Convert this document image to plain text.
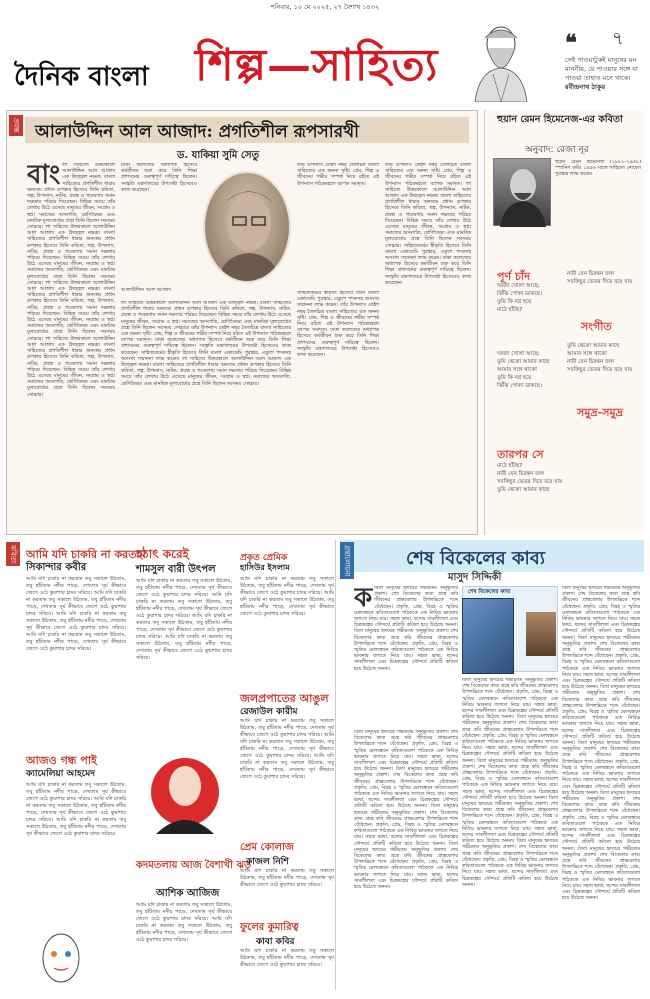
শনিবার, ১০ মে ২০২৫, ২৭ বৈশাখ ১৪৩২
দৈনিক বাংলা শিল্প—সাহিত্য	❝ ৭
সেই পাওয়াটুকই মানুষের মন মাননীয়, যে পাওয়ার সঙ্গে যা পাওয়া তাহাও মনে থাকে।
রবীন্দ্রনাথ ঠাকুর
প্রবন্ধ আলাউদ্দিন আল আজাদ: প্রগতিশীল রূপসারথী
ড. যাকিয়া সুমি সেতু
বাং লা সাহিত্যে উত্তরকালে আলাউদ্দিন আল আজাদ এক উজ্জ্বল নক্ষত্র। বাংলা সাহিত্যের প্রগতিশীল ধারার অন্যতম প্রধান রূপকার হিসেবে তিনি কবিতা, গল্প, উপন্যাস, নাটক, প্রবন্ধ ও গবেষণায় সমান দক্ষতার পরিচয় দিয়েছেন। বিভিন্ন সময়ে তাঁর লেখায় উঠে এসেছে মানুষের জীবন, সংগ্রাম ও স্বপ্ন। সমাজের অসংগতি, শ্রেণিবৈষম্য এবং মানবিক মূল্যবোধের প্রশ্নে তিনি ছিলেন সবসময় সোচ্চার। লা সাহিত্যে উত্তরকালে আলাউদ্দিন আল আজাদ এক উজ্জ্বল নক্ষত্র। বাংলা সাহিত্যের প্রগতিশীল ধারার অন্যতম প্রধান রূপকার হিসেবে তিনি কবিতা, গল্প, উপন্যাস, নাটক, প্রবন্ধ ও গবেষণায় সমান দক্ষতার পরিচয় দিয়েছেন। বিভিন্ন সময়ে তাঁর লেখায় উঠে এসেছে মানুষের জীবন, সংগ্রাম ও স্বপ্ন। সমাজের অসংগতি, শ্রেণিবৈষম্য এবং মানবিক মূল্যবোধের প্রশ্নে তিনি ছিলেন সবসময় সোচ্চার। লা সাহিত্যে উত্তরকালে আলাউদ্দিন আল আজাদ এক উজ্জ্বল নক্ষত্র। বাংলা সাহিত্যের প্রগতিশীল ধারার অন্যতম প্রধান রূপকার হিসেবে তিনি কবিতা, গল্প, উপন্যাস, নাটক, প্রবন্ধ ও গবেষণায় সমান দক্ষতার পরিচয় দিয়েছেন। বিভিন্ন সময়ে তাঁর লেখায় উঠে এসেছে মানুষের জীবন, সংগ্রাম ও স্বপ্ন। সমাজের অসংগতি, শ্রেণিবৈষম্য এবং মানবিক মূল্যবোধের প্রশ্নে তিনি ছিলেন সবসময় সোচ্চার। লা সাহিত্যে উত্তরকালে আলাউদ্দিন আল আজাদ এক উজ্জ্বল নক্ষত্র। বাংলা সাহিত্যের প্রগতিশীল ধারার অন্যতম প্রধান রূপকার হিসেবে তিনি কবিতা, গল্প, উপন্যাস, নাটক, প্রবন্ধ ও গবেষণায় সমান দক্ষতার পরিচয় দিয়েছেন। বিভিন্ন সময়ে তাঁর লেখায় উঠে এসেছে মানুষের জীবন, সংগ্রাম ও স্বপ্ন। সমাজের অসংগতি, শ্রেণিবৈষম্য এবং মানবিক মূল্যবোধের প্রশ্নে তিনি ছিলেন সবসময় সোচ্চার।
ঢাকা কলেজের অধ্যাপক হিসেবে কর্মজীবন শুরু করে তিনি শিক্ষা প্রশাসনের গুরুত্বপূর্ণ দায়িত্বে ছিলেন। সংস্কৃতি মন্ত্রণালয়ের উপদেষ্টা হিসেবেও কাজ করেছেন।
তাঁর উপন্যাস তেইশ নম্বর তৈলচিত্র বাংলা সাহিত্যের এক অনন্য সৃষ্টি। প্রেম, শিল্প ও জীবনের গভীর সম্পর্ক নিয়ে রচিত এই উপন্যাস পাঠকমহলে ব্যাপক সমাদৃত।
আলাউদ্দিন আল আজাদ
লা সাহিত্যে উত্তরকালে আলাউদ্দিন আল আজাদ এক উজ্জ্বল নক্ষত্র। বাংলা সাহিত্যের প্রগতিশীল ধারার অন্যতম প্রধান রূপকার হিসেবে তিনি কবিতা, গল্প, উপন্যাস, নাটক, প্রবন্ধ ও গবেষণায় সমান দক্ষতার পরিচয় দিয়েছেন। বিভিন্ন সময়ে তাঁর লেখায় উঠে এসেছে মানুষের জীবন, সংগ্রাম ও স্বপ্ন। সমাজের অসংগতি, শ্রেণিবৈষম্য এবং মানবিক মূল্যবোধের প্রশ্নে তিনি ছিলেন সবসময় সোচ্চার। তাঁর উপন্যাস তেইশ নম্বর তৈলচিত্র বাংলা সাহিত্যের এক অনন্য সৃষ্টি। প্রেম, শিল্প ও জীবনের গভীর সম্পর্ক নিয়ে রচিত এই উপন্যাস পাঠকমহলে ব্যাপক সমাদৃত। ঢাকা কলেজের অধ্যাপক হিসেবে কর্মজীবন শুরু করে তিনি শিক্ষা প্রশাসনের গুরুত্বপূর্ণ দায়িত্বে ছিলেন। সংস্কৃতি মন্ত্রণালয়ের উপদেষ্টা হিসেবেও কাজ করেছেন। সাহিত্যকর্মের স্বীকৃতি হিসেবে তিনি বাংলা একাডেমি পুরস্কার, একুশে পদকসহ অসংখ্য সম্মাননা লাভ করেন। লা সাহিত্যে উত্তরকালে আলাউদ্দিন আল আজাদ এক উজ্জ্বল নক্ষত্র। বাংলা সাহিত্যের প্রগতিশীল ধারার অন্যতম প্রধান রূপকার হিসেবে তিনি কবিতা, গল্প, উপন্যাস, নাটক, প্রবন্ধ ও গবেষণায় সমান দক্ষতার পরিচয় দিয়েছেন। বিভিন্ন সময়ে তাঁর লেখায় উঠে এসেছে মানুষের জীবন, সংগ্রাম ও স্বপ্ন। সমাজের অসংগতি, শ্রেণিবৈষম্য এবং মানবিক মূল্যবোধের প্রশ্নে তিনি ছিলেন সবসময় সোচ্চার।
সাহিত্যকর্মের স্বীকৃতি হিসেবে তিনি বাংলা একাডেমি পুরস্কার, একুশে পদকসহ অসংখ্য সম্মাননা লাভ করেন। তাঁর উপন্যাস তেইশ নম্বর তৈলচিত্র বাংলা সাহিত্যের এক অনন্য সৃষ্টি। প্রেম, শিল্প ও জীবনের গভীর সম্পর্ক নিয়ে রচিত এই উপন্যাস পাঠকমহলে ব্যাপক সমাদৃত। ঢাকা কলেজের অধ্যাপক হিসেবে কর্মজীবন শুরু করে তিনি শিক্ষা প্রশাসনের গুরুত্বপূর্ণ দায়িত্বে ছিলেন। সংস্কৃতি মন্ত্রণালয়ের উপদেষ্টা হিসেবেও কাজ করেছেন।
তাঁর উপন্যাস তেইশ নম্বর তৈলচিত্র বাংলা সাহিত্যের এক অনন্য সৃষ্টি। প্রেম, শিল্প ও জীবনের গভীর সম্পর্ক নিয়ে রচিত এই উপন্যাস পাঠকমহলে ব্যাপক সমাদৃত। লা সাহিত্যে উত্তরকালে আলাউদ্দিন আল আজাদ এক উজ্জ্বল নক্ষত্র। বাংলা সাহিত্যের প্রগতিশীল ধারার অন্যতম প্রধান রূপকার হিসেবে তিনি কবিতা, গল্প, উপন্যাস, নাটক, প্রবন্ধ ও গবেষণায় সমান দক্ষতার পরিচয় দিয়েছেন। বিভিন্ন সময়ে তাঁর লেখায় উঠে এসেছে মানুষের জীবন, সংগ্রাম ও স্বপ্ন। সমাজের অসংগতি, শ্রেণিবৈষম্য এবং মানবিক মূল্যবোধের প্রশ্নে তিনি ছিলেন সবসময় সোচ্চার। সাহিত্যকর্মের স্বীকৃতি হিসেবে তিনি বাংলা একাডেমি পুরস্কার, একুশে পদকসহ অসংখ্য সম্মাননা লাভ করেন। ঢাকা কলেজের অধ্যাপক হিসেবে কর্মজীবন শুরু করে তিনি শিক্ষা প্রশাসনের গুরুত্বপূর্ণ দায়িত্বে ছিলেন। সংস্কৃতি মন্ত্রণালয়ের উপদেষ্টা হিসেবেও কাজ করেছেন।
হুয়ান রেমন হিমেনেজ-এর কবিতা
অনুবাদ: রেজা নূর
হুয়ান রেমন হিমেনেজ (১৮৮১–১৯৫৮) স্প্যানিশ কবি। ১৯৫৬ সালে সাহিত্যে নোবেল পুরস্কার লাভ করেন।
পূর্ণ চাঁদ
দরজা খোলা আছে;
ঝিঁঝি পোকা ডাকছে।
তুমি কি নগ্ন হয়ে
মাঠে হাঁটছ?
সংগীত
নারী যেন চিরন্তন জল
সবকিছুর ভেতর দিয়ে বয়ে যায়
সমুদ্র-সমুদ্র
তুমি থেকো আমার কাছে
আমার সঙ্গে থাকো
নারী যেন চিরন্তন জল
সবকিছুর ভেতর দিয়ে বয়ে যায়
তারপর সে
দরজা খোলা আছে;
তুমি থেকো আমার কাছে
আমার সঙ্গে থাকো
তুমি কি নগ্ন হয়ে
ঝিঁঝি পোকা ডাকছে।
মাঠে হাঁটছ?
নারী যেন চিরন্তন জল
সবকিছুর ভেতর দিয়ে বয়ে যায়
তুমি থেকো আমার কাছে
কবিতা আমি যদি চাকরি না করতাম
সিকান্দার কবীর
আমি যদি চাকরি না করতাম তবু সকালে উঠতাম, তবু হাঁটতাম নদীর পাড়ে, দেখতাম সূর্য কীভাবে জেগে ওঠে কুয়াশার চাদর সরিয়ে। আমি যদি চাকরি না করতাম তবু সকালে উঠতাম, তবু হাঁটতাম নদীর পাড়ে, দেখতাম সূর্য কীভাবে জেগে ওঠে কুয়াশার চাদর সরিয়ে। আমি যদি চাকরি না করতাম তবু সকালে উঠতাম, তবু হাঁটতাম নদীর পাড়ে, দেখতাম সূর্য কীভাবে জেগে ওঠে কুয়াশার চাদর সরিয়ে। আমি যদি চাকরি না করতাম তবু সকালে উঠতাম, তবু হাঁটতাম নদীর পাড়ে, দেখতাম সূর্য কীভাবে জেগে ওঠে কুয়াশার চাদর সরিয়ে।
হঠাৎ করেই
শামসুল বারী উৎপল
আমি যদি চাকরি না করতাম তবু সকালে উঠতাম, তবু হাঁটতাম নদীর পাড়ে, দেখতাম সূর্য কীভাবে জেগে ওঠে কুয়াশার চাদর সরিয়ে। আমি যদি চাকরি না করতাম তবু সকালে উঠতাম, তবু হাঁটতাম নদীর পাড়ে, দেখতাম সূর্য কীভাবে জেগে ওঠে কুয়াশার চাদর সরিয়ে। আমি যদি চাকরি না করতাম তবু সকালে উঠতাম, তবু হাঁটতাম নদীর পাড়ে, দেখতাম সূর্য কীভাবে জেগে ওঠে কুয়াশার চাদর সরিয়ে। আমি যদি চাকরি না করতাম তবু সকালে উঠতাম, তবু হাঁটতাম নদীর পাড়ে, দেখতাম সূর্য কীভাবে জেগে ওঠে কুয়াশার চাদর সরিয়ে।
প্রকৃত প্রেমিক
হাসিউর ইসলাম
আমি যদি চাকরি না করতাম তবু সকালে উঠতাম, তবু হাঁটতাম নদীর পাড়ে, দেখতাম সূর্য কীভাবে জেগে ওঠে কুয়াশার চাদর সরিয়ে। আমি যদি চাকরি না করতাম তবু সকালে উঠতাম, তবু হাঁটতাম নদীর পাড়ে, দেখতাম সূর্য কীভাবে জেগে ওঠে কুয়াশার চাদর সরিয়ে।
জলপ্রপাতের আঙুল
রেজাউল কারীম
আমি যদি চাকরি না করতাম তবু সকালে উঠতাম, তবু হাঁটতাম নদীর পাড়ে, দেখতাম সূর্য কীভাবে জেগে ওঠে কুয়াশার চাদর সরিয়ে। আমি যদি চাকরি না করতাম তবু সকালে উঠতাম, তবু হাঁটতাম নদীর পাড়ে, দেখতাম সূর্য কীভাবে জেগে ওঠে কুয়াশার চাদর সরিয়ে। আমি যদি চাকরি না করতাম তবু সকালে উঠতাম, তবু হাঁটতাম নদীর পাড়ে, দেখতাম সূর্য কীভাবে জেগে ওঠে কুয়াশার চাদর সরিয়ে।
আজও গন্ধ পাই
ক্যামেলিয়া আহমেদ
আমি যদি চাকরি না করতাম তবু সকালে উঠতাম, তবু হাঁটতাম নদীর পাড়ে, দেখতাম সূর্য কীভাবে জেগে ওঠে কুয়াশার চাদর সরিয়ে। আমি যদি চাকরি না করতাম তবু সকালে উঠতাম, তবু হাঁটতাম নদীর পাড়ে, দেখতাম সূর্য কীভাবে জেগে ওঠে কুয়াশার চাদর সরিয়ে। আমি যদি চাকরি না করতাম তবু সকালে উঠতাম, তবু হাঁটতাম নদীর পাড়ে, দেখতাম সূর্য কীভাবে জেগে ওঠে কুয়াশার চাদর সরিয়ে।
কদমতলায় আজ বৈশাখী ঝড়
আশিক আজিজ
আমি যদি চাকরি না করতাম তবু সকালে উঠতাম, তবু হাঁটতাম নদীর পাড়ে, দেখতাম সূর্য কীভাবে জেগে ওঠে কুয়াশার চাদর সরিয়ে। আমি যদি চাকরি না করতাম তবু সকালে উঠতাম, তবু হাঁটতাম নদীর পাড়ে, দেখতাম সূর্য কীভাবে জেগে ওঠে কুয়াশার চাদর সরিয়ে।
প্রেম কোলাজ
কাজল নিশি
আমি যদি চাকরি না করতাম তবু সকালে উঠতাম, তবু হাঁটতাম নদীর পাড়ে, দেখতাম সূর্য কীভাবে জেগে ওঠে কুয়াশার চাদর সরিয়ে।
ফুলের কুমারিত্ব
কাবা কবির
আমি যদি চাকরি না করতাম তবু সকালে উঠতাম, তবু হাঁটতাম নদীর পাড়ে, দেখতাম সূর্য কীভাবে জেগে ওঠে কুয়াশার চাদর সরিয়ে।
গ্রন্থালোচনা	শেষ বিকেলের কাব্য
মাসুদ সিদ্দিকী
ক বিতা মানুষের হৃদয়ের গভীরতম অনুভূতির প্রকাশ। শেষ বিকেলের কাব্য গ্রন্থে কবি জীবনের প্রান্তবেলার উপলব্ধিকে শব্দে বেঁধেছেন। প্রকৃতি, প্রেম, বিরহ ও স্মৃতির মেলবন্ধনে কবিতাগুলো পাঠককে এক নিবিড় ভাবনার জগতে নিয়ে যায়। সহজ ভাষা, ছন্দের সাবলীলতা এবং চিত্রকল্পের সৌন্দর্যে প্রতিটি কবিতা হয়ে উঠেছে অনন্য। বিতা মানুষের হৃদয়ের গভীরতম অনুভূতির প্রকাশ। শেষ বিকেলের কাব্য গ্রন্থে কবি জীবনের প্রান্তবেলার উপলব্ধিকে শব্দে বেঁধেছেন। প্রকৃতি, প্রেম, বিরহ ও স্মৃতির মেলবন্ধনে কবিতাগুলো পাঠককে এক নিবিড় ভাবনার জগতে নিয়ে যায়। সহজ ভাষা, ছন্দের সাবলীলতা এবং চিত্রকল্পের সৌন্দর্যে প্রতিটি কবিতা হয়ে উঠেছে অনন্য।
শেষ বিকেলের কাব্য
বিতা মানুষের হৃদয়ের গভীরতম অনুভূতির প্রকাশ। শেষ বিকেলের কাব্য গ্রন্থে কবি জীবনের প্রান্তবেলার উপলব্ধিকে শব্দে বেঁধেছেন। প্রকৃতি, প্রেম, বিরহ ও স্মৃতির মেলবন্ধনে কবিতাগুলো পাঠককে এক নিবিড় ভাবনার জগতে নিয়ে যায়। সহজ ভাষা, ছন্দের সাবলীলতা এবং চিত্রকল্পের সৌন্দর্যে প্রতিটি কবিতা হয়ে উঠেছে অনন্য। বিতা মানুষের হৃদয়ের গভীরতম অনুভূতির প্রকাশ। শেষ বিকেলের কাব্য গ্রন্থে কবি জীবনের প্রান্তবেলার উপলব্ধিকে শব্দে বেঁধেছেন। প্রকৃতি, প্রেম, বিরহ ও স্মৃতির মেলবন্ধনে কবিতাগুলো পাঠককে এক নিবিড় ভাবনার জগতে নিয়ে যায়। সহজ ভাষা, ছন্দের সাবলীলতা এবং চিত্রকল্পের সৌন্দর্যে প্রতিটি কবিতা হয়ে উঠেছে অনন্য। বিতা মানুষের হৃদয়ের গভীরতম অনুভূতির প্রকাশ। শেষ বিকেলের কাব্য গ্রন্থে কবি জীবনের প্রান্তবেলার উপলব্ধিকে শব্দে বেঁধেছেন। প্রকৃতি, প্রেম, বিরহ ও স্মৃতির মেলবন্ধনে কবিতাগুলো পাঠককে এক নিবিড় ভাবনার জগতে নিয়ে যায়। সহজ ভাষা, ছন্দের সাবলীলতা এবং চিত্রকল্পের সৌন্দর্যে প্রতিটি কবিতা হয়ে উঠেছে অনন্য। বিতা মানুষের হৃদয়ের গভীরতম অনুভূতির প্রকাশ। শেষ বিকেলের কাব্য গ্রন্থে কবি জীবনের প্রান্তবেলার উপলব্ধিকে শব্দে বেঁধেছেন। প্রকৃতি, প্রেম, বিরহ ও স্মৃতির মেলবন্ধনে কবিতাগুলো পাঠককে এক নিবিড় ভাবনার জগতে নিয়ে যায়। সহজ ভাষা, ছন্দের সাবলীলতা এবং চিত্রকল্পের সৌন্দর্যে প্রতিটি কবিতা হয়ে উঠেছে অনন্য। বিতা মানুষের হৃদয়ের গভীরতম অনুভূতির প্রকাশ। শেষ বিকেলের কাব্য গ্রন্থে কবি জীবনের প্রান্তবেলার উপলব্ধিকে শব্দে বেঁধেছেন। প্রকৃতি, প্রেম, বিরহ ও স্মৃতির মেলবন্ধনে কবিতাগুলো পাঠককে এক নিবিড় ভাবনার জগতে নিয়ে যায়। সহজ ভাষা, ছন্দের সাবলীলতা এবং চিত্রকল্পের সৌন্দর্যে প্রতিটি কবিতা হয়ে উঠেছে অনন্য। বিতা মানুষের হৃদয়ের গভীরতম অনুভূতির প্রকাশ। শেষ বিকেলের কাব্য গ্রন্থে কবি জীবনের প্রান্তবেলার উপলব্ধিকে শব্দে বেঁধেছেন। প্রকৃতি, প্রেম, বিরহ ও স্মৃতির মেলবন্ধনে কবিতাগুলো পাঠককে এক নিবিড় ভাবনার জগতে নিয়ে যায়। সহজ ভাষা, ছন্দের সাবলীলতা এবং চিত্রকল্পের সৌন্দর্যে প্রতিটি কবিতা হয়ে উঠেছে অনন্য।
বিতা মানুষের হৃদয়ের গভীরতম অনুভূতির প্রকাশ। শেষ বিকেলের কাব্য গ্রন্থে কবি জীবনের প্রান্তবেলার উপলব্ধিকে শব্দে বেঁধেছেন। প্রকৃতি, প্রেম, বিরহ ও স্মৃতির মেলবন্ধনে কবিতাগুলো পাঠককে এক নিবিড় ভাবনার জগতে নিয়ে যায়। সহজ ভাষা, ছন্দের সাবলীলতা এবং চিত্রকল্পের সৌন্দর্যে প্রতিটি কবিতা হয়ে উঠেছে অনন্য। বিতা মানুষের হৃদয়ের গভীরতম অনুভূতির প্রকাশ। শেষ বিকেলের কাব্য গ্রন্থে কবি জীবনের প্রান্তবেলার উপলব্ধিকে শব্দে বেঁধেছেন। প্রকৃতি, প্রেম, বিরহ ও স্মৃতির মেলবন্ধনে কবিতাগুলো পাঠককে এক নিবিড় ভাবনার জগতে নিয়ে যায়। সহজ ভাষা, ছন্দের সাবলীলতা এবং চিত্রকল্পের সৌন্দর্যে প্রতিটি কবিতা হয়ে উঠেছে অনন্য। বিতা মানুষের হৃদয়ের গভীরতম অনুভূতির প্রকাশ। শেষ বিকেলের কাব্য গ্রন্থে কবি জীবনের প্রান্তবেলার উপলব্ধিকে শব্দে বেঁধেছেন। প্রকৃতি, প্রেম, বিরহ ও স্মৃতির মেলবন্ধনে কবিতাগুলো পাঠককে এক নিবিড় ভাবনার জগতে নিয়ে যায়। সহজ ভাষা, ছন্দের সাবলীলতা এবং চিত্রকল্পের সৌন্দর্যে প্রতিটি কবিতা হয়ে উঠেছে অনন্য। বিতা মানুষের হৃদয়ের গভীরতম অনুভূতির প্রকাশ। শেষ বিকেলের কাব্য গ্রন্থে কবি জীবনের প্রান্তবেলার উপলব্ধিকে শব্দে বেঁধেছেন। প্রকৃতি, প্রেম, বিরহ ও স্মৃতির মেলবন্ধনে কবিতাগুলো পাঠককে এক নিবিড় ভাবনার জগতে নিয়ে যায়। সহজ ভাষা, ছন্দের সাবলীলতা এবং চিত্রকল্পের সৌন্দর্যে প্রতিটি কবিতা হয়ে উঠেছে অনন্য।
বিতা মানুষের হৃদয়ের গভীরতম অনুভূতির প্রকাশ। শেষ বিকেলের কাব্য গ্রন্থে কবি জীবনের প্রান্তবেলার উপলব্ধিকে শব্দে বেঁধেছেন। প্রকৃতি, প্রেম, বিরহ ও স্মৃতির মেলবন্ধনে কবিতাগুলো পাঠককে এক নিবিড় ভাবনার জগতে নিয়ে যায়। সহজ ভাষা, ছন্দের সাবলীলতা এবং চিত্রকল্পের সৌন্দর্যে প্রতিটি কবিতা হয়ে উঠেছে অনন্য। বিতা মানুষের হৃদয়ের গভীরতম অনুভূতির প্রকাশ। শেষ বিকেলের কাব্য গ্রন্থে কবি জীবনের প্রান্তবেলার উপলব্ধিকে শব্দে বেঁধেছেন। প্রকৃতি, প্রেম, বিরহ ও স্মৃতির মেলবন্ধনে কবিতাগুলো পাঠককে এক নিবিড় ভাবনার জগতে নিয়ে যায়। সহজ ভাষা, ছন্দের সাবলীলতা এবং চিত্রকল্পের সৌন্দর্যে প্রতিটি কবিতা হয়ে উঠেছে অনন্য। বিতা মানুষের হৃদয়ের গভীরতম অনুভূতির প্রকাশ। শেষ বিকেলের কাব্য গ্রন্থে কবি জীবনের প্রান্তবেলার উপলব্ধিকে শব্দে বেঁধেছেন। প্রকৃতি, প্রেম, বিরহ ও স্মৃতির মেলবন্ধনে কবিতাগুলো পাঠককে এক নিবিড় ভাবনার জগতে নিয়ে যায়। সহজ ভাষা, ছন্দের সাবলীলতা এবং চিত্রকল্পের সৌন্দর্যে প্রতিটি কবিতা হয়ে উঠেছে অনন্য। বিতা মানুষের হৃদয়ের গভীরতম অনুভূতির প্রকাশ। শেষ বিকেলের কাব্য গ্রন্থে কবি জীবনের প্রান্তবেলার উপলব্ধিকে শব্দে বেঁধেছেন। প্রকৃতি, প্রেম, বিরহ ও স্মৃতির মেলবন্ধনে কবিতাগুলো পাঠককে এক নিবিড় ভাবনার জগতে নিয়ে যায়। সহজ ভাষা, ছন্দের সাবলীলতা এবং চিত্রকল্পের সৌন্দর্যে প্রতিটি কবিতা হয়ে উঠেছে অনন্য। বিতা মানুষের হৃদয়ের গভীরতম অনুভূতির প্রকাশ। শেষ বিকেলের কাব্য গ্রন্থে কবি জীবনের প্রান্তবেলার উপলব্ধিকে শব্দে বেঁধেছেন। প্রকৃতি, প্রেম, বিরহ ও স্মৃতির মেলবন্ধনে কবিতাগুলো পাঠককে এক নিবিড় ভাবনার জগতে নিয়ে যায়। সহজ ভাষা, ছন্দের সাবলীলতা এবং চিত্রকল্পের সৌন্দর্যে প্রতিটি কবিতা হয়ে উঠেছে অনন্য।
